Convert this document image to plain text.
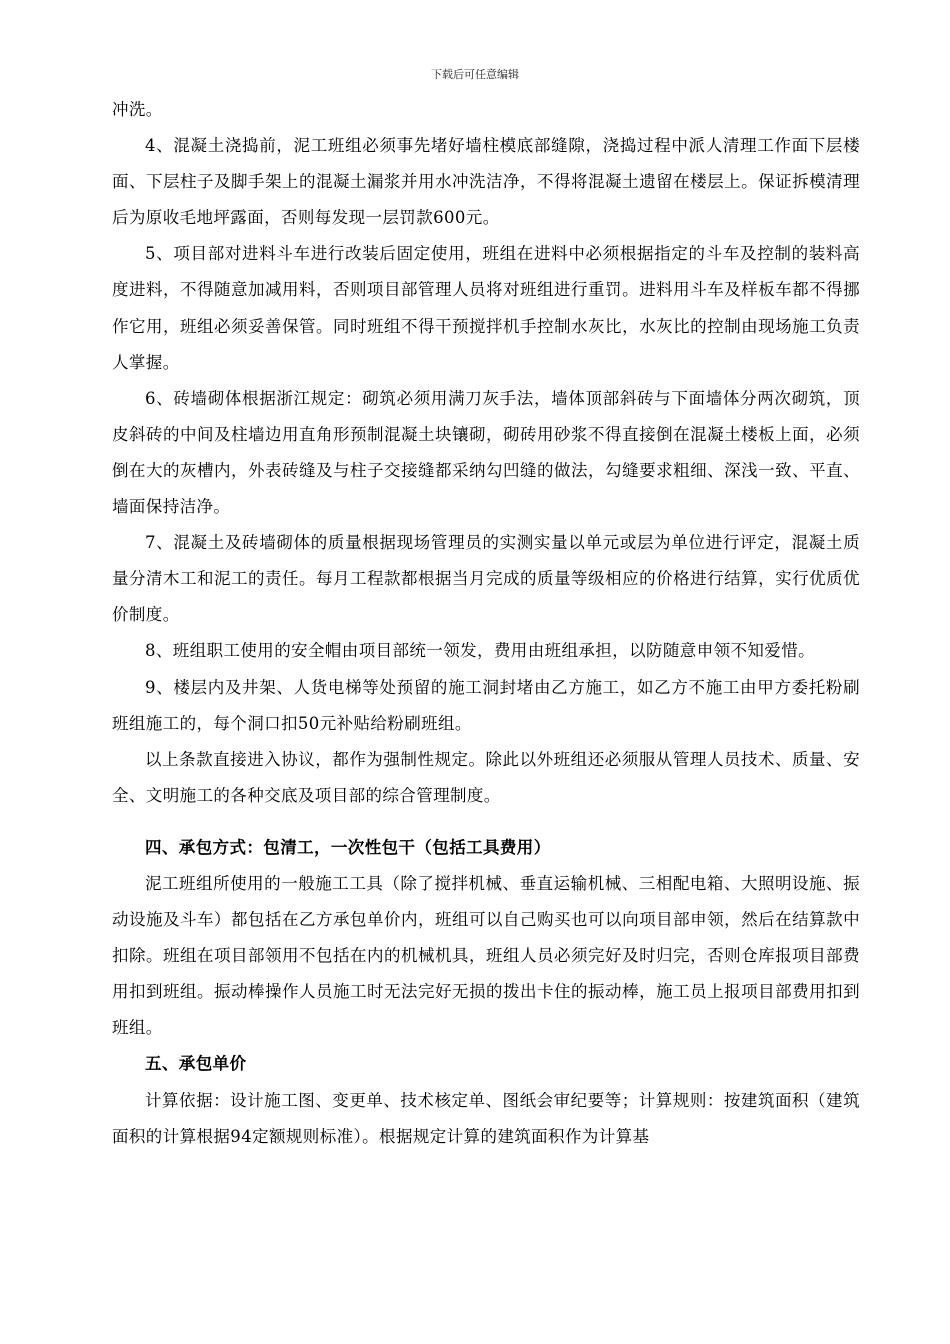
下载后可任意编辑

冲洗。

4、混凝土浇捣前，泥工班组必须事先堵好墙柱模底部缝隙，浇捣过程中派人清理工作面下层楼面、下层柱子及脚手架上的混凝土漏浆并用水冲洗洁净，不得将混凝土遗留在楼层上。保证拆模清理后为原收毛地坪露面，否则每发现一层罚款600元。

5、项目部对进料斗车进行改装后固定使用，班组在进料中必须根据指定的斗车及控制的装料高度进料，不得随意加减用料，否则项目部管理人员将对班组进行重罚。进料用斗车及样板车都不得挪作它用，班组必须妥善保管。同时班组不得干预搅拌机手控制水灰比，水灰比的控制由现场施工负责人掌握。

6、砖墙砌体根据浙江规定：砌筑必须用满刀灰手法，墙体顶部斜砖与下面墙体分两次砌筑，顶皮斜砖的中间及柱墙边用直角形预制混凝土块镶砌，砌砖用砂浆不得直接倒在混凝土楼板上面，必须倒在大的灰槽内，外表砖缝及与柱子交接缝都采纳勾凹缝的做法，勾缝要求粗细、深浅一致、平直、墙面保持洁净。

7、混凝土及砖墙砌体的质量根据现场管理员的实测实量以单元或层为单位进行评定，混凝土质量分清木工和泥工的责任。每月工程款都根据当月完成的质量等级相应的价格进行结算，实行优质优价制度。

8、班组职工使用的安全帽由项目部统一领发，费用由班组承担，以防随意申领不知爱惜。

9、楼层内及井架、人货电梯等处预留的施工洞封堵由乙方施工，如乙方不施工由甲方委托粉刷班组施工的，每个洞口扣50元补贴给粉刷班组。

以上条款直接进入协议，都作为强制性规定。除此以外班组还必须服从管理人员技术、质量、安全、文明施工的各种交底及项目部的综合管理制度。

四、承包方式：包清工，一次性包干（包括工具费用）

泥工班组所使用的一般施工工具（除了搅拌机械、垂直运输机械、三相配电箱、大照明设施、振动设施及斗车）都包括在乙方承包单价内，班组可以自己购买也可以向项目部申领，然后在结算款中扣除。班组在项目部领用不包括在内的机械机具，班组人员必须完好及时归完，否则仓库报项目部费用扣到班组。振动棒操作人员施工时无法完好无损的拨出卡住的振动棒，施工员上报项目部费用扣到班组。

五、承包单价

计算依据：设计施工图、变更单、技术核定单、图纸会审纪要等；计算规则：按建筑面积（建筑面积的计算根据94定额规则标准）。根据规定计算的建筑面积作为计算基
